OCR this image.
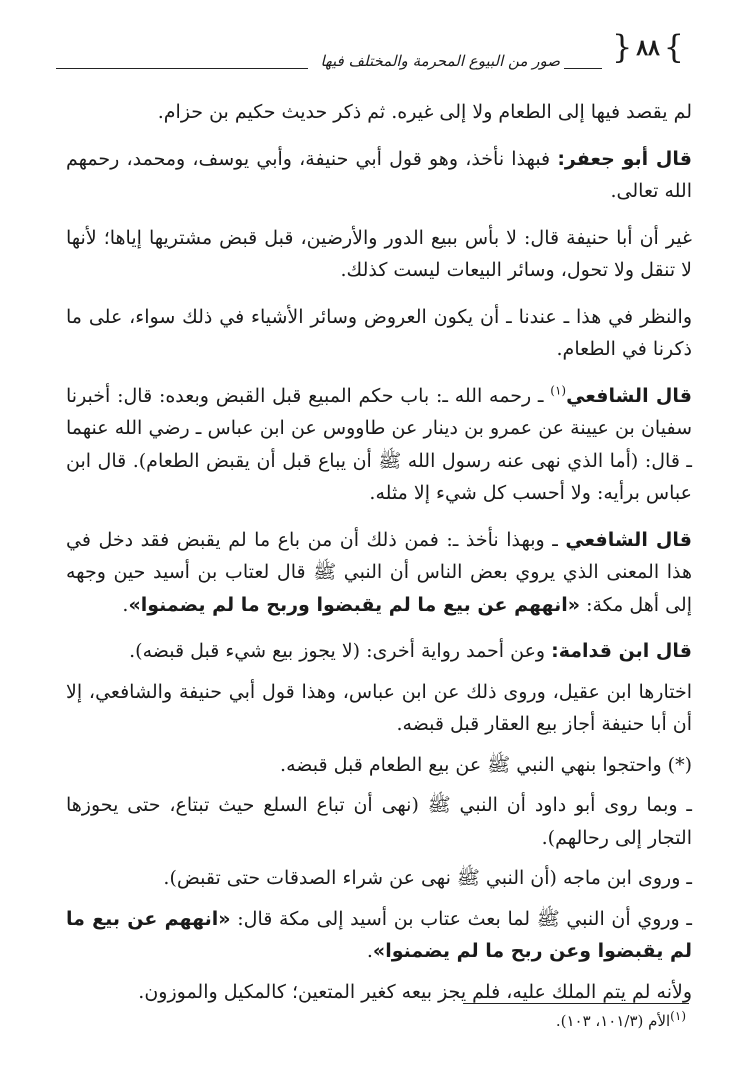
{ ٨٨ }
صور من البيوع المحرمة والمختلف فيها

لم يقصد فيها إلى الطعام ولا إلى غيره. ثم ذكر حديث حكيم بن حزام.

قال أبو جعفر: فبهذا نأخذ، وهو قول أبي حنيفة، وأبي يوسف، ومحمد، رحمهم الله تعالى.

غير أن أبا حنيفة قال: لا بأس ببيع الدور والأرضين، قبل قبض مشتريها إياها؛ لأنها لا تنقل ولا تحول، وسائر البيعات ليست كذلك.

والنظر في هذا ـ عندنا ـ أن يكون العروض وسائر الأشياء في ذلك سواء، على ما ذكرنا في الطعام.

قال الشافعي$^{(١)}$ ـ رحمه الله ـ: باب حكم المبيع قبل القبض وبعده: قال: أخبرنا سفيان بن عيينة عن عمرو بن دينار عن طاووس عن ابن عباس ـ رضي الله عنهما ـ قال: (أما الذي نهى عنه رسول الله ﷺ أن يباع قبل أن يقبض الطعام). قال ابن عباس برأيه: ولا أحسب كل شيء إلا مثله.

قال الشافعي ـ وبهذا نأخذ ـ: فمن ذلك أن من باع ما لم يقبض فقد دخل في هذا المعنى الذي يروي بعض الناس أن النبي ﷺ قال لعتاب بن أسيد حين وجهه إلى أهل مكة: «انههم عن بيع ما لم يقبضوا وربح ما لم يضمنوا».

قال ابن قدامة: وعن أحمد رواية أخرى: (لا يجوز بيع شيء قبل قبضه).

اختارها ابن عقيل، وروى ذلك عن ابن عباس، وهذا قول أبي حنيفة والشافعي، إلا أن أبا حنيفة أجاز بيع العقار قبل قبضه.

(*) واحتجوا بنهي النبي ﷺ عن بيع الطعام قبل قبضه.

ـ وبما روى أبو داود أن النبي ﷺ (نهى أن تباع السلع حيث تبتاع، حتى يحوزها التجار إلى رحالهم).

ـ وروى ابن ماجه (أن النبي ﷺ نهى عن شراء الصدقات حتى تقبض).

ـ وروي أن النبي ﷺ لما بعث عتاب بن أسيد إلى مكة قال: «انههم عن بيع ما لم يقبضوا وعن ربح ما لم يضمنوا».

ولأنه لم يتم الملك عليه، فلم يجز بيعه كغير المتعين؛ كالمكيل والموزون.

$^{(١)}$الأم (١٠١/٣، ١٠٣).
